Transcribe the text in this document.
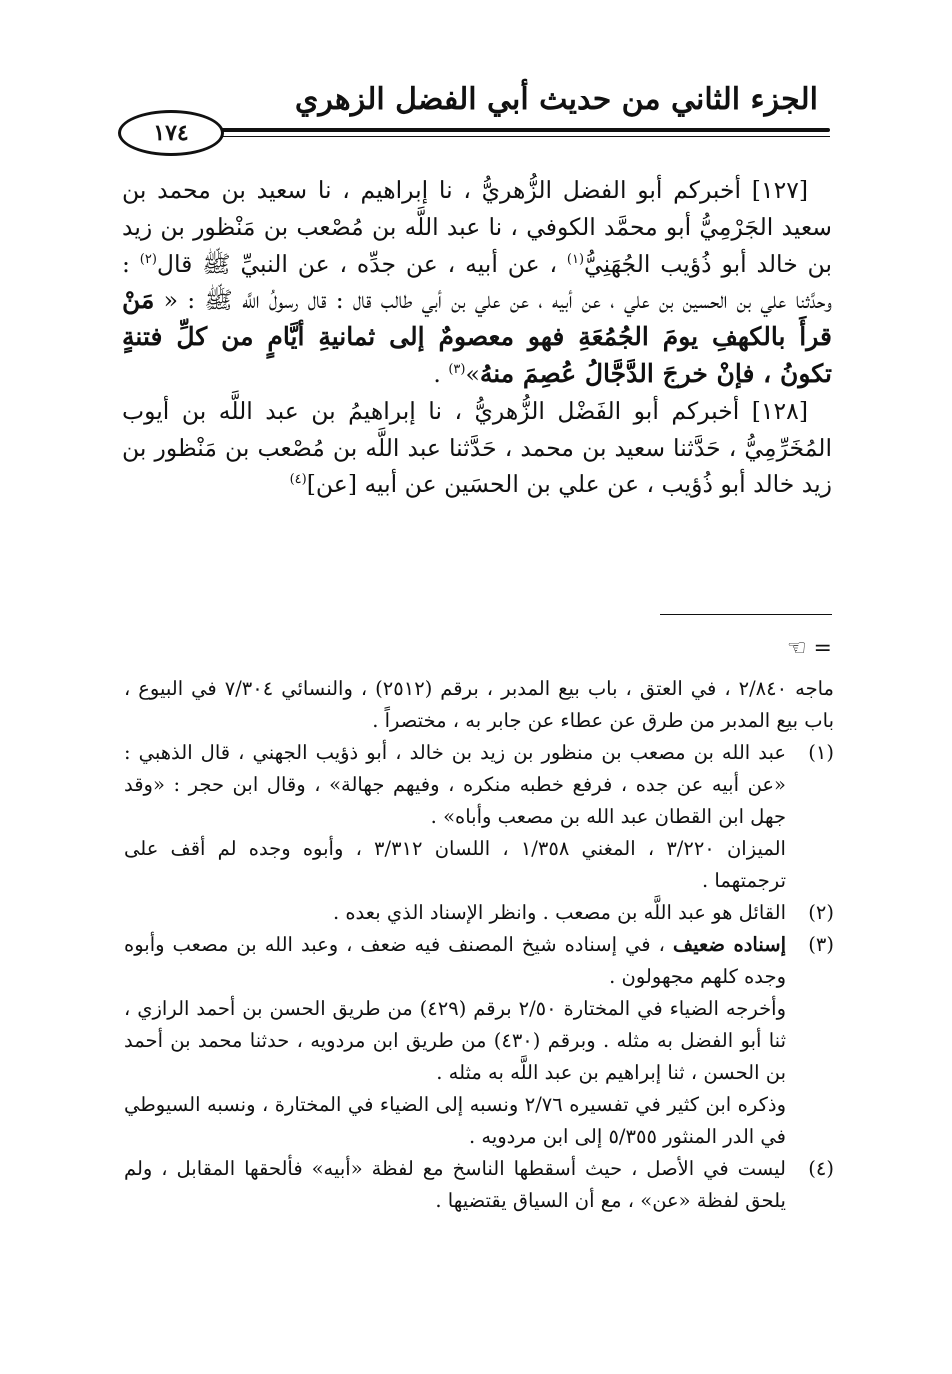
الجزء الثاني من حديث أبي الفضل الزهري
١٧٤

[١٢٧] أخبركم أبو الفضل الزُّهريُّ ، نا إبراهيم ، نا سعيد بن محمد بن سعيد الجَرْمِيُّ أبو محمَّد الكوفي ، نا عبد اللَّه بن مُصْعب بن مَنْظور بن زيد بن خالد أبو ذُؤيب الجُهَنِيُّ$^{(١)}$ ، عن أبيه ، عن جدِّه ، عن النبيِّ ﷺ قال$^{(٢)}$ : وحدَّثنا علي بن الحسين بن علي ، عن أبيه ، عن علي بن أبي طالب قال : قال رسولُ اللَّه ﷺ : « مَنْ قرأَ بالكهفِ يومَ الجُمُعَةِ فهو معصومٌ إلى ثمانيةِ أيَّامٍ من كلِّ فتنةٍ تكونُ ، فإنْ خرجَ الدَّجَّالُ عُصِمَ منهُ»$^{(٣)}$ .

[١٢٨] أخبركم أبو الفَضْل الزُّهريُّ ، نا إبراهيمُ بن عبد اللَّه بن أيوب المُخَرِّمِيُّ ، حَدَّثنا سعيد بن محمد ، حَدَّثنا عبد اللَّه بن مُصْعب بن مَنْظور بن زيد خالد أبو ذُؤيب ، عن علي بن الحسَين عن أبيه [عن]$^{(٤)}$

= ☜

ماجه ٢/٨٤٠ ، في العتق ، باب بيع المدبر ، برقم (٢٥١٢) ، والنسائي ٧/٣٠٤ في البيوع ، باب بيع المدبر من طرق عن عطاء عن جابر به ، مختصراً .

(١)

عبد الله بن مصعب بن منظور بن زيد بن خالد ، أبو ذؤيب الجهني ، قال الذهبي : «عن أبيه عن جده ، فرفع خطبه منكره ، وفيهم جهالة» ، وقال ابن حجر : «وقد جهل ابن القطان عبد الله بن مصعب وأباه» .

الميزان ٣/٢٢٠ ، المغني ١/٣٥٨ ، اللسان ٣/٣١٢ ، وأبوه وجده لم أقف على ترجمتهما .

(٢)

القائل هو عبد اللَّه بن مصعب . وانظر الإسناد الذي بعده .

(٣)

إسناده ضعيف ، في إسناده شيخ المصنف فيه ضعف ، وعبد الله بن مصعب وأبوه وجده كلهم مجهولون .

وأخرجه الضياء في المختارة ٢/٥٠ برقم (٤٢٩) من طريق الحسن بن أحمد الرازي ، ثنا أبو الفضل به مثله . وبرقم (٤٣٠) من طريق ابن مردويه ، حدثنا محمد بن أحمد بن الحسن ، ثنا إبراهيم بن عبد اللَّه به مثله .

وذكره ابن كثير في تفسيره ٢/٧٦ ونسبه إلى الضياء في المختارة ، ونسبه السيوطي في الدر المنثور ٥/٣٥٥ إلى ابن مردويه .

(٤)

ليست في الأصل ، حيث أسقطها الناسخ مع لفظة «أبيه» فألحقها المقابل ، ولم يلحق لفظة «عن» ، مع أن السياق يقتضيها .
